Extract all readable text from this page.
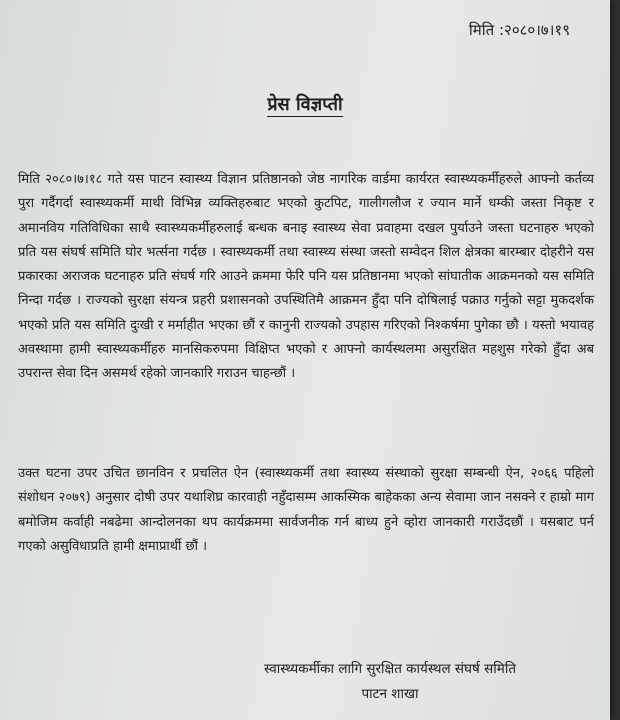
मिति :२०८०।७।१९
प्रेस विज्ञप्ती
मिति २०८०।७।१८ गते यस पाटन स्वास्थ्य विज्ञान प्रतिष्ठानको जेष्ठ नागरिक वार्डमा कार्यरत स्वास्थ्यकर्मीहरुले आफ्नो कर्तव्य पुरा गर्दैगर्दा स्वास्थ्यकर्मी माथी विभिन्न व्यक्तिहरुबाट भएको कुटपिट, गालीगलौज र ज्यान मार्ने धम्की जस्ता निकृष्ट र अमानविय गतिविधिका साथै स्वास्थ्यकर्मीहरुलाई बन्धक बनाइ स्वास्थ्य सेवा प्रवाहमा दखल पुर्याउने जस्ता घटनाहरु भएको प्रति यस संघर्ष समिति घोर भर्त्सना गर्दछ । स्वास्थ्यकर्मी तथा स्वास्थ्य संस्था जस्तो सम्वेदन शिल क्षेत्रका बारम्बार दोहरीने यस प्रकारका अराजक घटनाहरु प्रति संघर्ष गरि आउने क्रममा फेरि पनि यस प्रतिष्ठानमा भएको सांघातीक आक्रमनको यस समिति निन्दा गर्दछ । राज्यको सुरक्षा संयन्त्र प्रहरी प्रशासनको उपस्थितिमै आक्रमन हुँदा पनि दोषिलाई पक्राउ गर्नुको सट्टा मुकदर्शक भएको प्रति यस समिति दुःखी र मर्माहीत भएका छौं र कानुनी राज्यको उपहास गरिएको निश्कर्षमा पुगेका छौ । यस्तो भयावह अवस्थामा हामी स्वास्थ्यकर्मीहरु मानसिकरुपमा विक्षिप्त भएको र आफ्नो कार्यस्थलमा असुरक्षित महशुस गरेको हुँदा अब उपरान्त सेवा दिन असमर्थ रहेको जानकारि गराउन चाहन्छौं ।
उक्त घटना उपर उचित छानविन र प्रचलित ऐन (स्वास्थ्यकर्मी तथा स्वास्थ्य संस्थाको सुरक्षा सम्बन्धी ऐन, २०६६ पहिलो संशोधन २०७९) अनुसार दोषी उपर यथाशिघ्र कारवाही नहुँदासम्म आकस्मिक बाहेकका अन्य सेवामा जान नसक्ने र हाम्रो माग बमोजिम कर्वाही नबढेमा आन्दोलनका थप कार्यक्रममा सार्वजनीक गर्न बाध्य हुने व्होरा जानकारी गराउँदछौं । यसबाट पर्न गएको असुविधाप्रति हामी क्षमाप्रार्थी छौं ।
स्वास्थ्यकर्मीका लागि सुरक्षित कार्यस्थल संघर्ष समिति
पाटन शाखा
